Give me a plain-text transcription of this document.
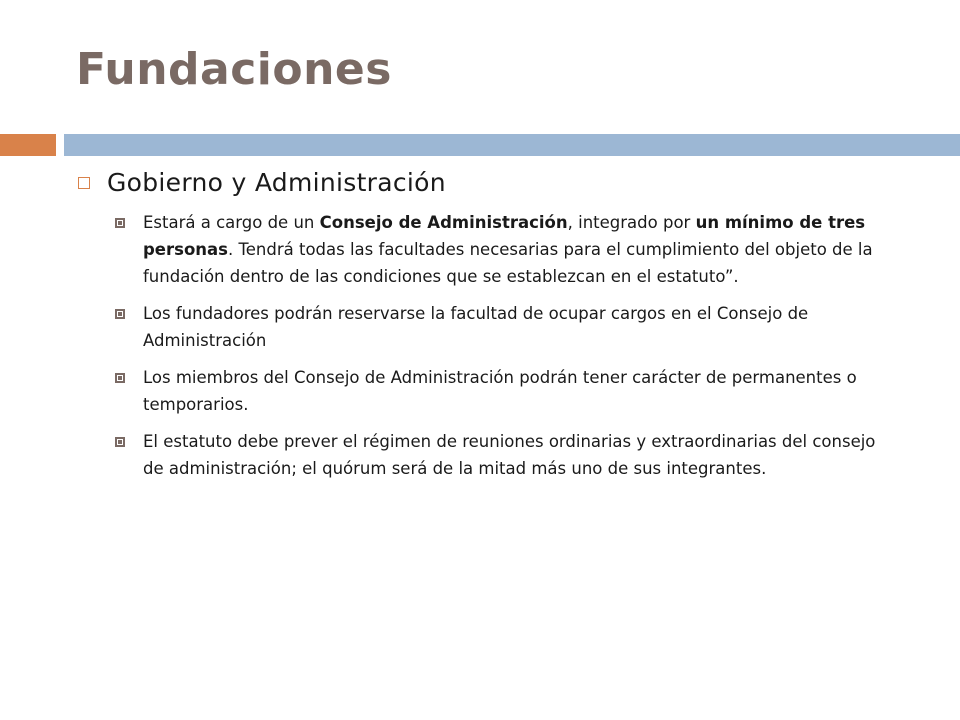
Fundaciones
Gobierno y Administración
Estará a cargo de un Consejo de Administración, integrado por un mínimo de tres personas. Tendrá todas las facultades necesarias para el cumplimiento del objeto de la fundación dentro de las condiciones que se establezcan en el estatuto”.
Los fundadores podrán reservarse la facultad de ocupar cargos en el Consejo de Administración
Los miembros del Consejo de Administración podrán tener carácter de permanentes o temporarios.
El estatuto debe prever el régimen de reuniones ordinarias y extraordinarias del consejo de administración; el quórum será de la mitad más uno de sus integrantes.
